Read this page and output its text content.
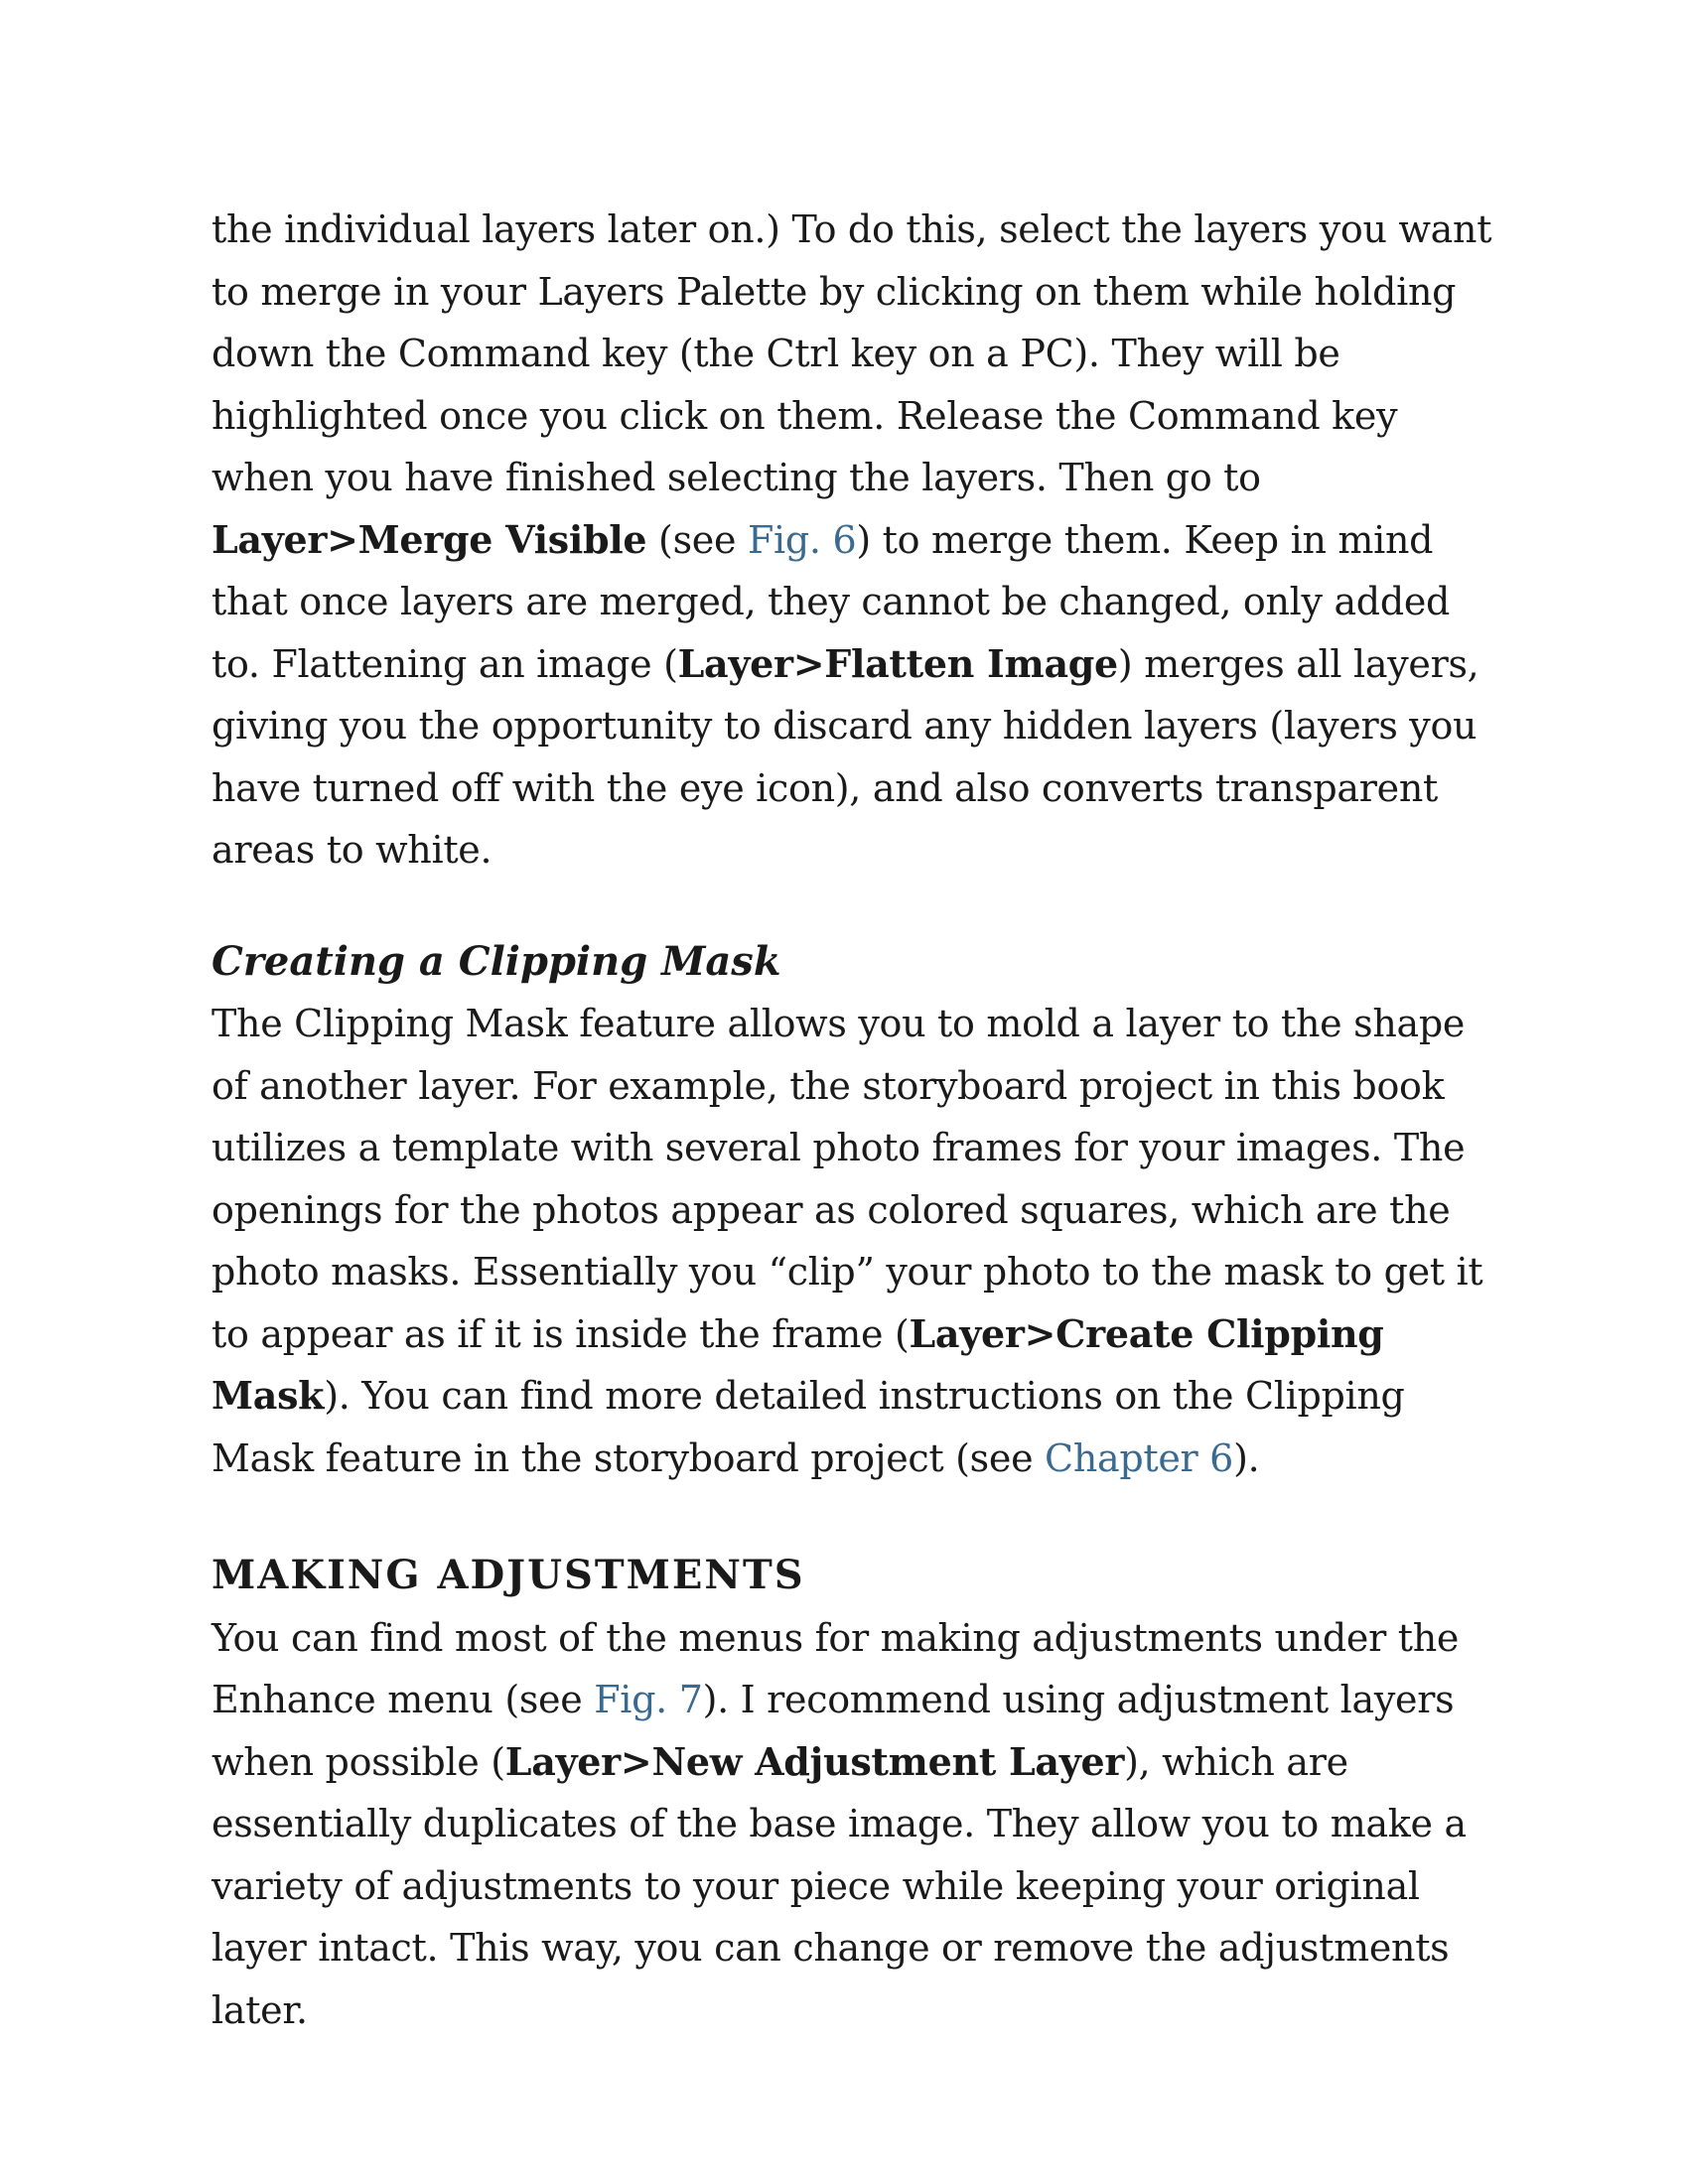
the individual layers later on.) To do this, select the layers you want to merge in your Layers Palette by clicking on them while holding down the Command key (the Ctrl key on a PC). They will be highlighted once you click on them. Release the Command key when you have finished selecting the layers. Then go to Layer>Merge Visible (see Fig. 6) to merge them. Keep in mind that once layers are merged, they cannot be changed, only added to. Flattening an image (Layer>Flatten Image) merges all layers, giving you the opportunity to discard any hidden layers (layers you have turned off with the eye icon), and also converts transparent areas to white.

Creating a Clipping Mask

The Clipping Mask feature allows you to mold a layer to the shape of another layer. For example, the storyboard project in this book utilizes a template with several photo frames for your images. The openings for the photos appear as colored squares, which are the photo masks. Essentially you “clip” your photo to the mask to get it to appear as if it is inside the frame (Layer>Create Clipping Mask). You can find more detailed instructions on the Clipping Mask feature in the storyboard project (see Chapter 6).

MAKING ADJUSTMENTS

You can find most of the menus for making adjustments under the Enhance menu (see Fig. 7). I recommend using adjustment layers when possible (Layer>New Adjustment Layer), which are essentially duplicates of the base image. They allow you to make a variety of adjustments to your piece while keeping your original layer intact. This way, you can change or remove the adjustments later.
